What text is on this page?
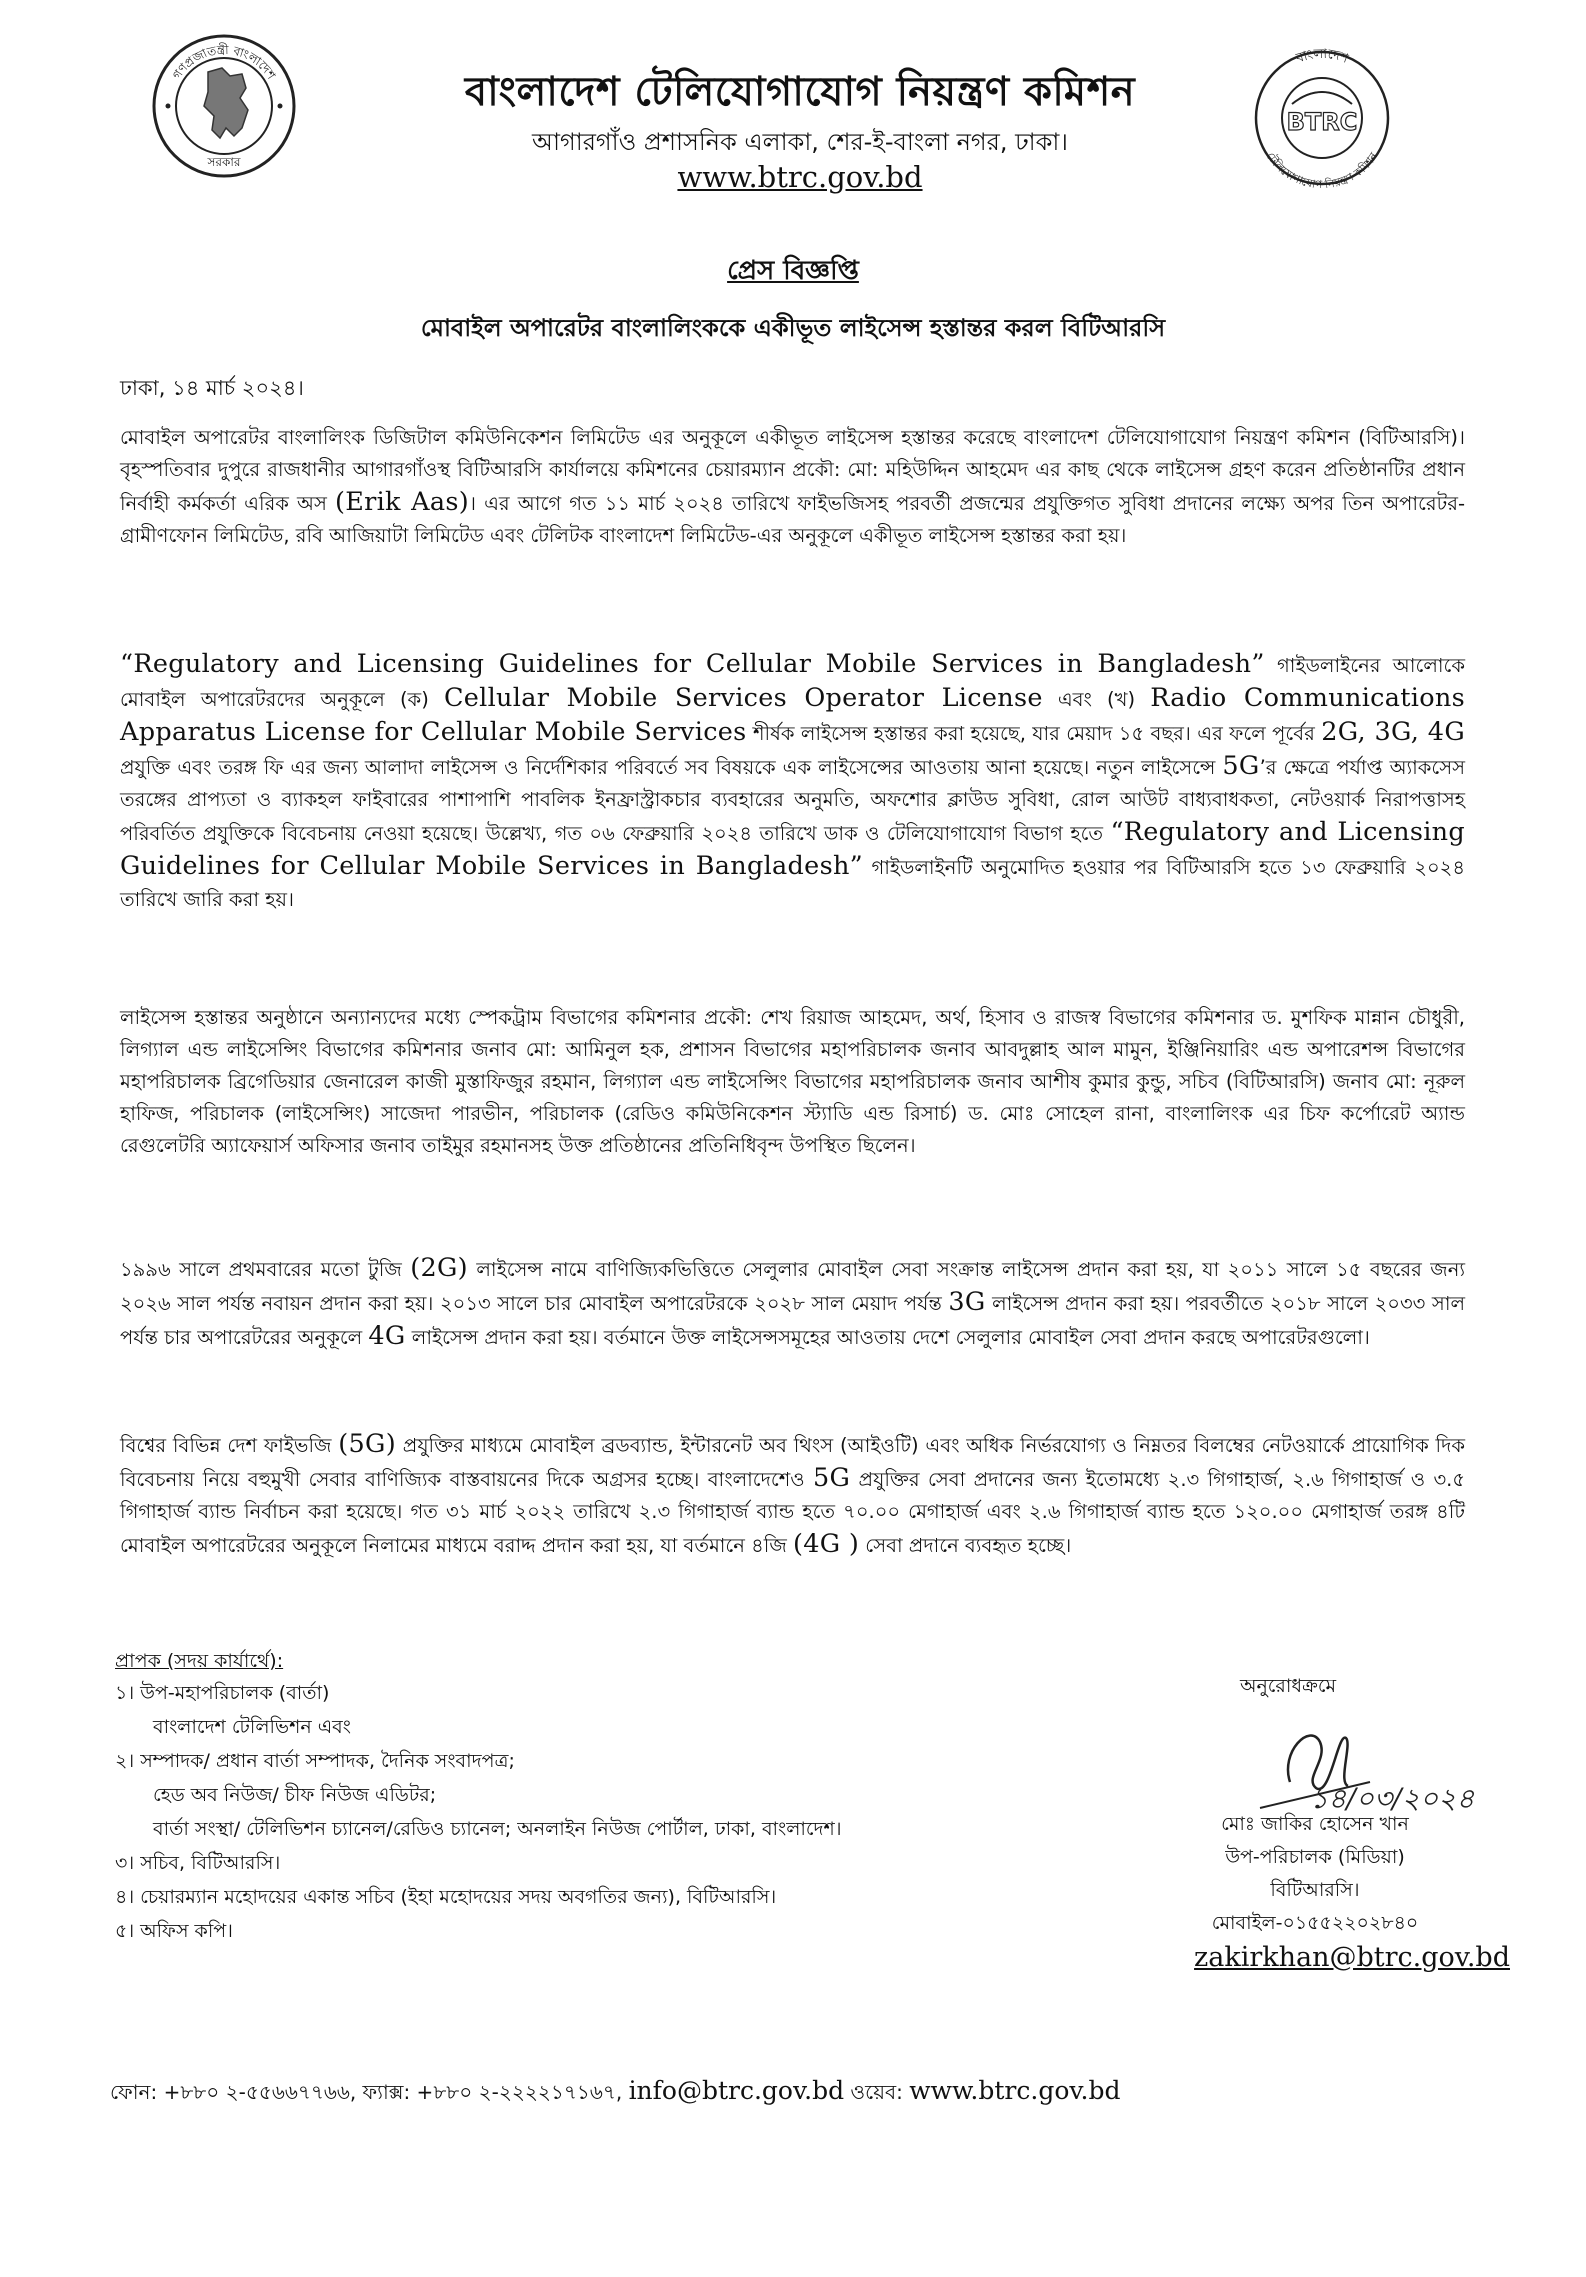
গণপ্রজাতন্ত্রী বাংলাদেশ
সরকার
বাংলাদেশ টেলিযোগাযোগ নিয়ন্ত্রণ কমিশন
আগারগাঁও প্রশাসনিক এলাকা, শের-ই-বাংলা নগর, ঢাকা।
www.btrc.gov.bd
BTRC
বাংলাদেশ
টেলিযোগাযোগ নিয়ন্ত্রণ কমিশন
প্রেস বিজ্ঞপ্তি
মোবাইল অপারেটর বাংলালিংককে একীভূত লাইসেন্স হস্তান্তর করল বিটিআরসি
ঢাকা, ১৪ মার্চ ২০২৪।

মোবাইল অপারেটর বাংলালিংক ডিজিটাল কমিউনিকেশন লিমিটেড এর অনুকূলে একীভূত লাইসেন্স হস্তান্তর করেছে বাংলাদেশ টেলিযোগাযোগ নিয়ন্ত্রণ কমিশন (বিটিআরসি)। বৃহস্পতিবার দুপুরে রাজধানীর আগারগাঁওস্থ বিটিআরসি কার্যালয়ে কমিশনের চেয়ারম্যান প্রকৌ: মো: মহিউদ্দিন আহমেদ এর কাছ থেকে লাইসেন্স গ্রহণ করেন প্রতিষ্ঠানটির প্রধান নির্বাহী কর্মকর্তা এরিক অস (Erik Aas)। এর আগে গত ১১ মার্চ ২০২৪ তারিখে ফাইভজিসহ পরবর্তী প্রজন্মের প্রযুক্তিগত সুবিধা প্রদানের লক্ষ্যে অপর তিন অপারেটর-গ্রামীণফোন লিমিটেড, রবি আজিয়াটা লিমিটেড এবং টেলিটক বাংলাদেশ লিমিটেড-এর অনুকূলে একীভূত লাইসেন্স হস্তান্তর করা হয়।

“Regulatory and Licensing Guidelines for Cellular Mobile Services in Bangladesh” গাইডলাইনের আলোকে মোবাইল অপারেটরদের অনুকূলে (ক) Cellular Mobile Services Operator License এবং (খ) Radio Communications Apparatus License for Cellular Mobile Services শীর্ষক লাইসেন্স হস্তান্তর করা হয়েছে, যার মেয়াদ ১৫ বছর। এর ফলে পূর্বের 2G, 3G, 4G প্রযুক্তি এবং তরঙ্গ ফি এর জন্য আলাদা লাইসেন্স ও নির্দেশিকার পরিবর্তে সব বিষয়কে এক লাইসেন্সের আওতায় আনা হয়েছে। নতুন লাইসেন্সে 5G’র ক্ষেত্রে পর্যাপ্ত অ্যাকসেস তরঙ্গের প্রাপ্যতা ও ব্যাকহল ফাইবারের পাশাপাশি পাবলিক ইনফ্রাস্ট্রাকচার ব্যবহারের অনুমতি, অফশোর ক্লাউড সুবিধা, রোল আউট বাধ্যবাধকতা, নেটওয়ার্ক নিরাপত্তাসহ পরিবর্তিত প্রযুক্তিকে বিবেচনায় নেওয়া হয়েছে। উল্লেখ্য, গত ০৬ ফেব্রুয়ারি ২০২৪ তারিখে ডাক ও টেলিযোগাযোগ বিভাগ হতে “Regulatory and Licensing Guidelines for Cellular Mobile Services in Bangladesh” গাইডলাইনটি অনুমোদিত হওয়ার পর বিটিআরসি হতে ১৩ ফেব্রুয়ারি ২০২৪ তারিখে জারি করা হয়।

লাইসেন্স হস্তান্তর অনুষ্ঠানে অন্যান্যদের মধ্যে স্পেকট্রাম বিভাগের কমিশনার প্রকৌ: শেখ রিয়াজ আহমেদ, অর্থ, হিসাব ও রাজস্ব বিভাগের কমিশনার ড. মুশফিক মান্নান চৌধুরী, লিগ্যাল এন্ড লাইসেন্সিং বিভাগের কমিশনার জনাব মো: আমিনুল হক, প্রশাসন বিভাগের মহাপরিচালক জনাব আবদুল্লাহ আল মামুন, ইঞ্জিনিয়ারিং এন্ড অপারেশন্স বিভাগের মহাপরিচালক ব্রিগেডিয়ার জেনারেল কাজী মুস্তাফিজুর রহমান, লিগ্যাল এন্ড লাইসেন্সিং বিভাগের মহাপরিচালক জনাব আশীষ কুমার কুন্ডু, সচিব (বিটিআরসি) জনাব মো: নূরুল হাফিজ, পরিচালক (লাইসেন্সিং) সাজেদা পারভীন, পরিচালক (রেডিও কমিউনিকেশন স্ট্যাডি এন্ড রিসার্চ) ড. মোঃ সোহেল রানা, বাংলালিংক এর চিফ কর্পোরেট অ্যান্ড রেগুলেটরি অ্যাফেয়ার্স অফিসার জনাব তাইমুর রহমানসহ উক্ত প্রতিষ্ঠানের প্রতিনিধিবৃন্দ উপস্থিত ছিলেন।

১৯৯৬ সালে প্রথমবারের মতো টুজি (2G) লাইসেন্স নামে বাণিজ্যিকভিত্তিতে সেলুলার মোবাইল সেবা সংক্রান্ত লাইসেন্স প্রদান করা হয়, যা ২০১১ সালে ১৫ বছরের জন্য ২০২৬ সাল পর্যন্ত নবায়ন প্রদান করা হয়। ২০১৩ সালে চার মোবাইল অপারেটরকে ২০২৮ সাল মেয়াদ পর্যন্ত 3G লাইসেন্স প্রদান করা হয়। পরবর্তীতে ২০১৮ সালে ২০৩৩ সাল পর্যন্ত চার অপারেটরের অনুকূলে 4G লাইসেন্স প্রদান করা হয়। বর্তমানে উক্ত লাইসেন্সসমূহের আওতায় দেশে সেলুলার মোবাইল সেবা প্রদান করছে অপারেটরগুলো।

বিশ্বের বিভিন্ন দেশ ফাইভজি (5G) প্রযুক্তির মাধ্যমে মোবাইল ব্রডব্যান্ড, ইন্টারনেট অব থিংস (আইওটি) এবং অধিক নির্ভরযোগ্য ও নিম্নতর বিলম্বের নেটওয়ার্কে প্রায়োগিক দিক বিবেচনায় নিয়ে বহুমুখী সেবার বাণিজ্যিক বাস্তবায়নের দিকে অগ্রসর হচ্ছে। বাংলাদেশেও 5G প্রযুক্তির সেবা প্রদানের জন্য ইতোমধ্যে ২.৩ গিগাহার্জ, ২.৬ গিগাহার্জ ও ৩.৫ গিগাহার্জ ব্যান্ড নির্বাচন করা হয়েছে। গত ৩১ মার্চ ২০২২ তারিখে ২.৩ গিগাহার্জ ব্যান্ড হতে ৭০.০০ মেগাহার্জ এবং ২.৬ গিগাহার্জ ব্যান্ড হতে ১২০.০০ মেগাহার্জ তরঙ্গ ৪টি মোবাইল অপারেটরের অনুকূলে নিলামের মাধ্যমে বরাদ্দ প্রদান করা হয়, যা বর্তমানে ৪জি (4G ) সেবা প্রদানে ব্যবহৃত হচ্ছে।

প্রাপক (সদয় কার্যার্থে):
১। উপ-মহাপরিচালক (বার্তা)
বাংলাদেশ টেলিভিশন এবং
২। সম্পাদক/ প্রধান বার্তা সম্পাদক, দৈনিক সংবাদপত্র;
হেড অব নিউজ/ চীফ নিউজ এডিটর;
বার্তা সংস্থা/ টেলিভিশন চ্যানেল/রেডিও চ্যানেল; অনলাইন নিউজ পোর্টাল, ঢাকা, বাংলাদেশ।
৩। সচিব, বিটিআরসি।
৪। চেয়ারম্যান মহোদয়ের একান্ত সচিব (ইহা মহোদয়ের সদয় অবগতির জন্য), বিটিআরসি।
৫। অফিস কপি।
অনুরোধক্রমে
১৪/০৩/২০২৪
মোঃ জাকির হোসেন খান
উপ-পরিচালক (মিডিয়া)
বিটিআরসি।
মোবাইল-০১৫৫২২০২৮৪০
zakirkhan@btrc.gov.bd
ফোন: +৮৮০ ২-৫৫৬৬৭৭৬৬, ফ্যাক্স: +৮৮০ ২-২২২২১৭১৬৭, info@btrc.gov.bd ওয়েব: www.btrc.gov.bd
